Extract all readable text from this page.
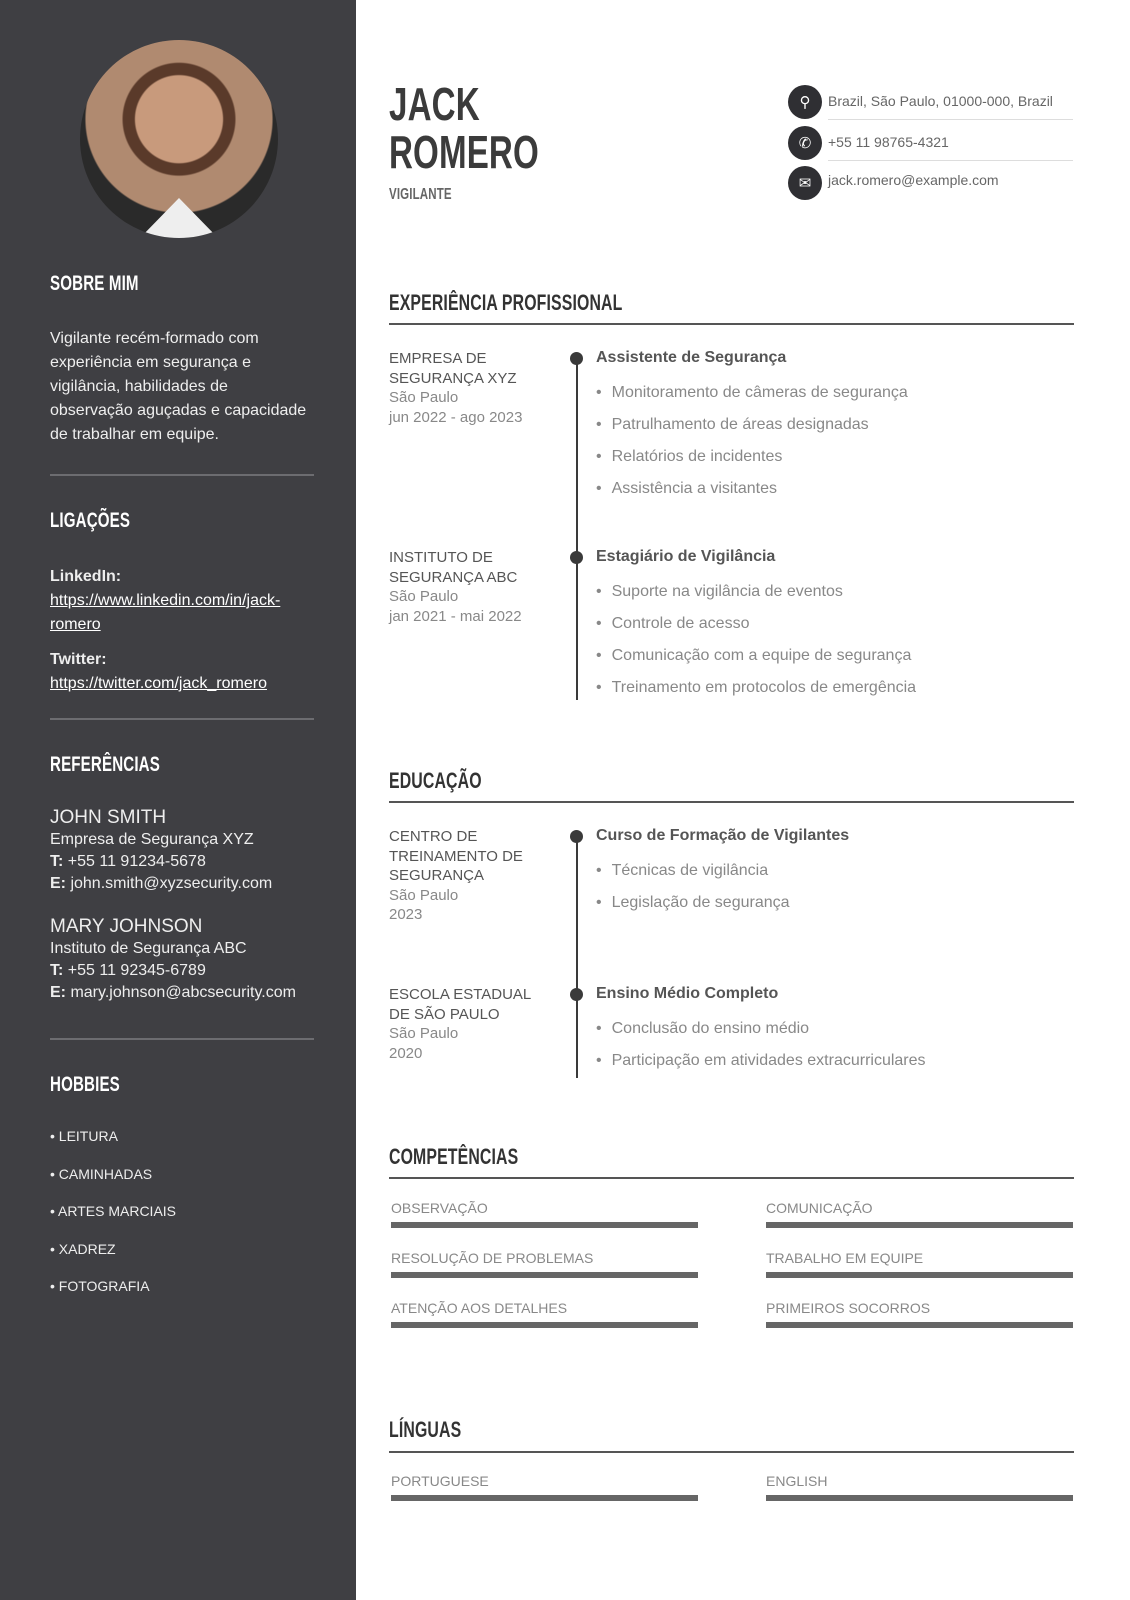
SOBRE MIM
Vigilante recém-formado com experiência em segurança e vigilância, habilidades de observação aguçadas e capacidade de trabalhar em equipe.
LIGAÇÕES
LinkedIn:
https://www.linkedin.com/in/jack-romero
Twitter:
https://twitter.com/jack_romero
REFERÊNCIAS
JOHN SMITH
Empresa de Segurança XYZ
T: +55 11 91234-5678
E: john.smith@xyzsecurity.com
MARY JOHNSON
Instituto de Segurança ABC
T: +55 11 92345-6789
E: mary.johnson@abcsecurity.com
HOBBIES
• LEITURA
• CAMINHADAS
• ARTES MARCIAIS
• XADREZ
• FOTOGRAFIA
JACK
ROMERO
VIGILANTE
⚲	Brazil, São Paulo, 01000-000, Brazil
✆	+55 11 98765-4321
✉	jack.romero@example.com
EXPERIÊNCIA PROFISSIONAL
EMPRESA DE SEGURANÇA XYZ
São Paulo
jun 2022 - ago 2023
Assistente de Segurança
• Monitoramento de câmeras de segurança
• Patrulhamento de áreas designadas
• Relatórios de incidentes
• Assistência a visitantes
INSTITUTO DE SEGURANÇA ABC
São Paulo
jan 2021 - mai 2022
Estagiário de Vigilância
• Suporte na vigilância de eventos
• Controle de acesso
• Comunicação com a equipe de segurança
• Treinamento em protocolos de emergência
EDUCAÇÃO
CENTRO DE TREINAMENTO DE SEGURANÇA
São Paulo
2023
Curso de Formação de Vigilantes
• Técnicas de vigilância
• Legislação de segurança
ESCOLA ESTADUAL DE SÃO PAULO
São Paulo
2020
Ensino Médio Completo
• Conclusão do ensino médio
• Participação em atividades extracurriculares
COMPETÊNCIAS
OBSERVAÇÃO	COMUNICAÇÃO
RESOLUÇÃO DE PROBLEMAS	TRABALHO EM EQUIPE
ATENÇÃO AOS DETALHES	PRIMEIROS SOCORROS
LÍNGUAS
PORTUGUESE	ENGLISH
